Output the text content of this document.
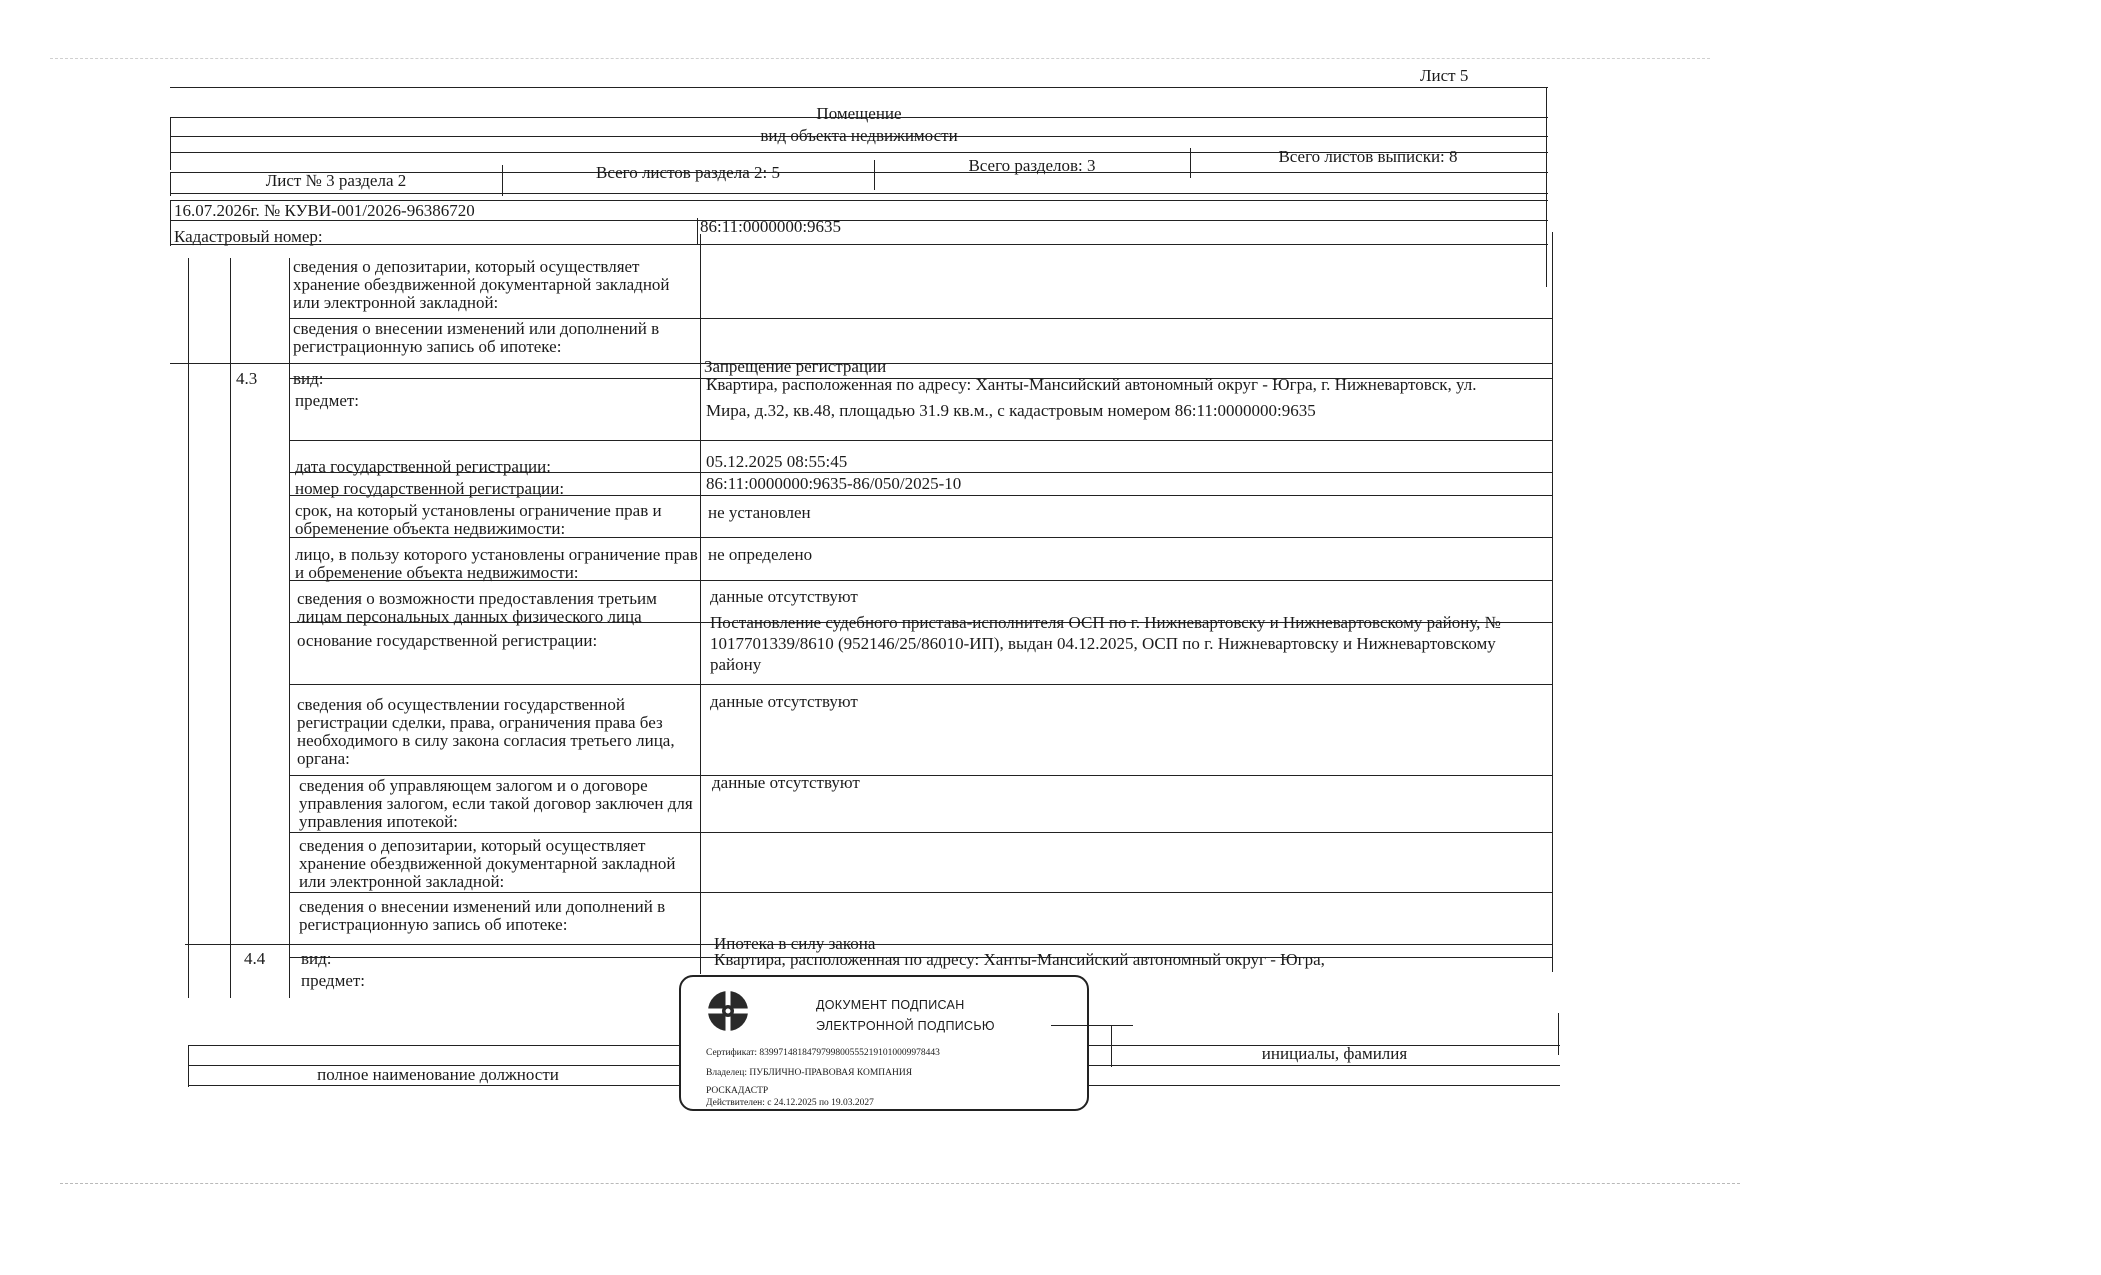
Лист 5
Помещение
вид объекта недвижимости
Лист № 3 раздела 2	Всего листов раздела 2: 5	Всего разделов: 3	Всего листов выписки: 8
16.07.2026г. № КУВИ-001/2026-96386720
Кадастровый номер:
86:11:0000000:9635
сведения о депозитарии, который осуществляет хранение обездвиженной документарной закладной или электронной закладной:
сведения о внесении изменений или дополнений в регистрационную запись об ипотеке:
4.3 вид:
Запрещение регистрации
предмет:
Квартира, расположенная по адресу: Ханты-Мансийский автономный округ - Югра, г. Нижневартовск, ул. Мира, д.32, кв.48, площадью 31.9 кв.м., с кадастровым номером 86:11:0000000:9635
дата государственной регистрации:	05.12.2025 08:55:45
номер государственной регистрации:	86:11:0000000:9635-86/050/2025-10
срок, на который установлены ограничение прав и обременение объекта недвижимости:
не установлен
лицо, в пользу которого установлены ограничение прав и обременение объекта недвижимости:
не определено
сведения о возможности предоставления третьим лицам персональных данных физического лица
данные отсутствуют
основание государственной регистрации:
Постановление судебного пристава-исполнителя ОСП по г. Нижневартовску и Нижневартовскому району, № 1017701339/8610 (952146/25/86010-ИП), выдан 04.12.2025, ОСП по г. Нижневартовску и Нижневартовскому району
сведения об осуществлении государственной регистрации сделки, права, ограничения права без необходимого в силу закона согласия третьего лица, органа:
данные отсутствуют
сведения об управляющем залогом и о договоре управления залогом, если такой договор заключен для управления ипотекой:
данные отсутствуют
сведения о депозитарии, который осуществляет хранение обездвиженной документарной закладной или электронной закладной:
сведения о внесении изменений или дополнений в регистрационную запись об ипотеке:
4.4 вид:
Ипотека в силу закона
предмет:
Квартира, расположенная по адресу: Ханты-Мансийский автономный округ - Югра,
полное наименование должности
инициалы, фамилия
ДОКУМЕНТ ПОДПИСАН
ЭЛЕКТРОННОЙ ПОДПИСЬЮ
Сертификат: 83997148184797998005552191010009978443
Владелец: ПУБЛИЧНО-ПРАВОВАЯ КОМПАНИЯ
РОСКАДАСТР
Действителен: с 24.12.2025 по 19.03.2027
